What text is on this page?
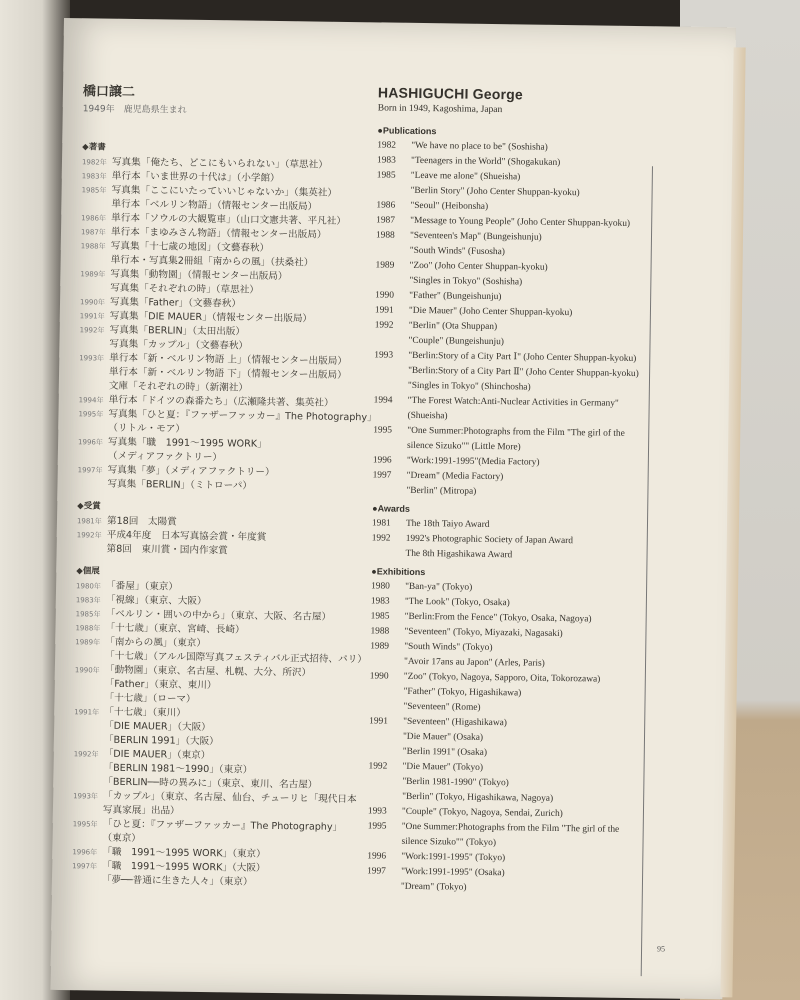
橋口譲二
1949年　鹿児島県生まれ
◆著書
1982年 写真集「俺たち、どこにもいられない」（草思社）
1983年 単行本「いま世界の十代は」（小学館）
1985年 写真集「ここにいたっていいじゃないか」（集英社）
単行本「ベルリン物語」（情報センター出版局）
1986年 単行本「ソウルの大観覧車」（山口文憲共著、平凡社）
1987年 単行本「まゆみさん物語」（情報センター出版局）
1988年 写真集「十七歳の地図」（文藝春秋）
単行本・写真集2冊組「南からの風」（扶桑社）
1989年 写真集「動物園」（情報センター出版局）
写真集「それぞれの時」（草思社）
1990年 写真集「Father」（文藝春秋）
1991年 写真集「DIE MAUER」（情報センター出版局）
1992年 写真集「BERLIN」（太田出版）
写真集「カップル」（文藝春秋）
1993年 単行本「新・ベルリン物語 上」（情報センター出版局）
単行本「新・ベルリン物語 下」（情報センター出版局）
文庫「それぞれの時」（新潮社）
1994年 単行本「ドイツの森番たち」（広瀬隆共著、集英社）
1995年 写真集「ひと夏：『ファザーファッカー』The Photography」
（リトル・モア）
1996年 写真集「職　1991～1995 WORK」
（メディアファクトリー）
1997年 写真集「夢」（メディアファクトリー）
写真集「BERLIN」（ミトローパ）
◆受賞
1981年 第18回　太陽賞
1992年 平成4年度　日本写真協会賞・年度賞
第8回　東川賞・国内作家賞
◆個展
1980年 「番屋」（東京）
1983年 「視線」（東京、大阪）
1985年 「ベルリン・囲いの中から」（東京、大阪、名古屋）
1988年 「十七歳」（東京、宮崎、長崎）
1989年 「南からの風」（東京）
「十七歳」（アルル国際写真フェスティバル正式招待、パリ）
1990年 「動物園」（東京、名古屋、札幌、大分、所沢）
「Father」（東京、東川）
「十七歳」（ローマ）
1991年 「十七歳」（東川）
「DIE MAUER」（大阪）
「BERLIN 1991」（大阪）
1992年 「DIE MAUER」（東京）
「BERLIN 1981～1990」（東京）
「BERLIN──時の異みに」（東京、東川、名古屋）
1993年 「カップル」（東京、名古屋、仙台、チューリヒ「現代日本
写真家展」出品）
1995年 「ひと夏：『ファザーファッカー』The Photography」
（東京）
1996年 「職　1991～1995 WORK」（東京）
1997年 「職　1991～1995 WORK」（大阪）
「夢──普通に生きた人々」（東京）
HASHIGUCHI George
Born in 1949, Kagoshima, Japan
●Publications
1982	"We have no place to be" (Soshisha)
1983	"Teenagers in the World" (Shogakukan)
1985	"Leave me alone" (Shueisha)
"Berlin Story" (Joho Center Shuppan-kyoku)
1986	"Seoul" (Heibonsha)
1987	"Message to Young People" (Joho Center Shuppan-kyoku)
1988	"Seventeen's Map" (Bungeishunju)
"South Winds" (Fusosha)
1989	"Zoo" (Joho Center Shuppan-kyoku)
"Singles in Tokyo" (Soshisha)
1990	"Father" (Bungeishunju)
1991	"Die Mauer" (Joho Center Shuppan-kyoku)
1992	"Berlin" (Ota Shuppan)
"Couple" (Bungeishunju)
1993	"Berlin:Story of a City Part Ⅰ" (Joho Center Shuppan-kyoku)
"Berlin:Story of a City Part Ⅱ" (Joho Center Shuppan-kyoku)
"Singles in Tokyo" (Shinchosha)
1994	"The Forest Watch:Anti-Nuclear Activities in Germany"
(Shueisha)
1995	"One Summer:Photographs from the Film "The girl of the
silence Sizuko"" (Little More)
1996	"Work:1991-1995"(Media Factory)
1997	"Dream" (Media Factory)
"Berlin" (Mitropa)
●Awards
1981	The 18th Taiyo Award
1992	1992's Photographic Society of Japan Award
The 8th Higashikawa Award
●Exhibitions
1980	"Ban-ya" (Tokyo)
1983	"The Look" (Tokyo, Osaka)
1985	"Berlin:From the Fence" (Tokyo, Osaka, Nagoya)
1988	"Seventeen" (Tokyo, Miyazaki, Nagasaki)
1989	"South Winds" (Tokyo)
"Avoir 17ans au Japon" (Arles, Paris)
1990	"Zoo" (Tokyo, Nagoya, Sapporo, Oita, Tokorozawa)
"Father" (Tokyo, Higashikawa)
"Seventeen" (Rome)
1991	"Seventeen" (Higashikawa)
"Die Mauer" (Osaka)
"Berlin 1991" (Osaka)
1992	"Die Mauer" (Tokyo)
"Berlin 1981-1990" (Tokyo)
"Berlin" (Tokyo, Higashikawa, Nagoya)
1993	"Couple" (Tokyo, Nagoya, Sendai, Zurich)
1995	"One Summer:Photographs from the Film "The girl of the
silence Sizuko"" (Tokyo)
1996	"Work:1991-1995" (Tokyo)
1997	"Work:1991-1995" (Osaka)
"Dream" (Tokyo)
95
